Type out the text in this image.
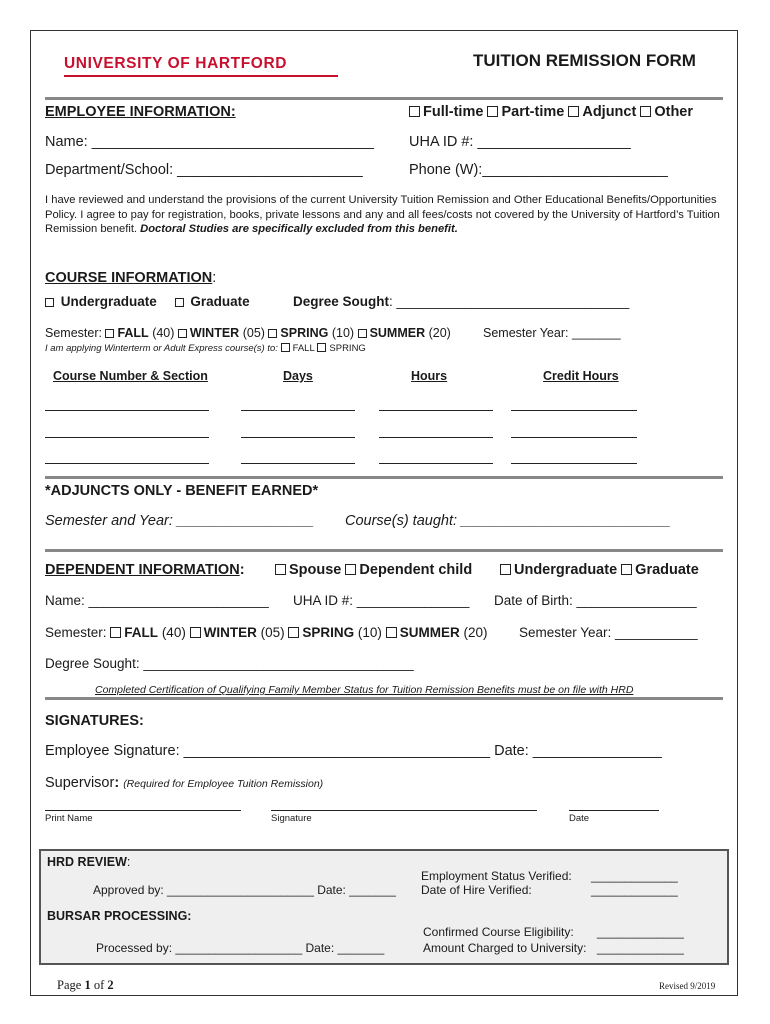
UNIVERSITY OF HARTFORD	TUITION REMISSION FORM
EMPLOYEE INFORMATION:	Full-time Part-time Adjunct Other
Name: ___________________________________ UHA ID #: ___________________
Department/School: _______________________	Phone (W):_______________________
I have reviewed and understand the provisions of the current University Tuition Remission and Other Educational Benefits/Opportunities Policy. I agree to pay for registration, books, private lessons and any and all fees/costs not covered by the University of Hartford’s Tuition Remission benefit. Doctoral Studies are specifically excluded from this benefit.
COURSE INFORMATION:
Undergraduate Graduate	Degree Sought: _______________________________
Semester: FALL (40) WINTER (05) SPRING (10) SUMMER (20)	Semester Year: _______
I am applying Winterterm or Adult Express course(s) to: FALL SPRING
Course Number & Section	Days	Hours	Credit Hours
*ADJUNCTS ONLY - BENEFIT EARNED*
Semester and Year: _________________ Course(s) taught: __________________________
DEPENDENT INFORMATION:	Spouse Dependent child	Undergraduate Graduate
Name: ________________________ UHA ID #: _______________ Date of Birth: ________________
Semester: FALL (40) WINTER (05) SPRING (10) SUMMER (20) Semester Year: ___________
Degree Sought: ____________________________________
Completed Certification of Qualifying Family Member Status for Tuition Remission Benefits must be on file with HRD
SIGNATURES:
Employee Signature: ______________________________________ Date: ________________
Supervisor: (Required for Employee Tuition Remission)
Print Name	Signature	Date
HRD REVIEW:
Approved by: ______________________ Date: _______
Employment Status Verified: _____________
Date of Hire Verified:	_____________
BURSAR PROCESSING:
Processed by: ___________________ Date: _______
Confirmed Course Eligibility: _____________
Amount Charged to University: _____________
Page 1 of 2	Revised 9/2019
